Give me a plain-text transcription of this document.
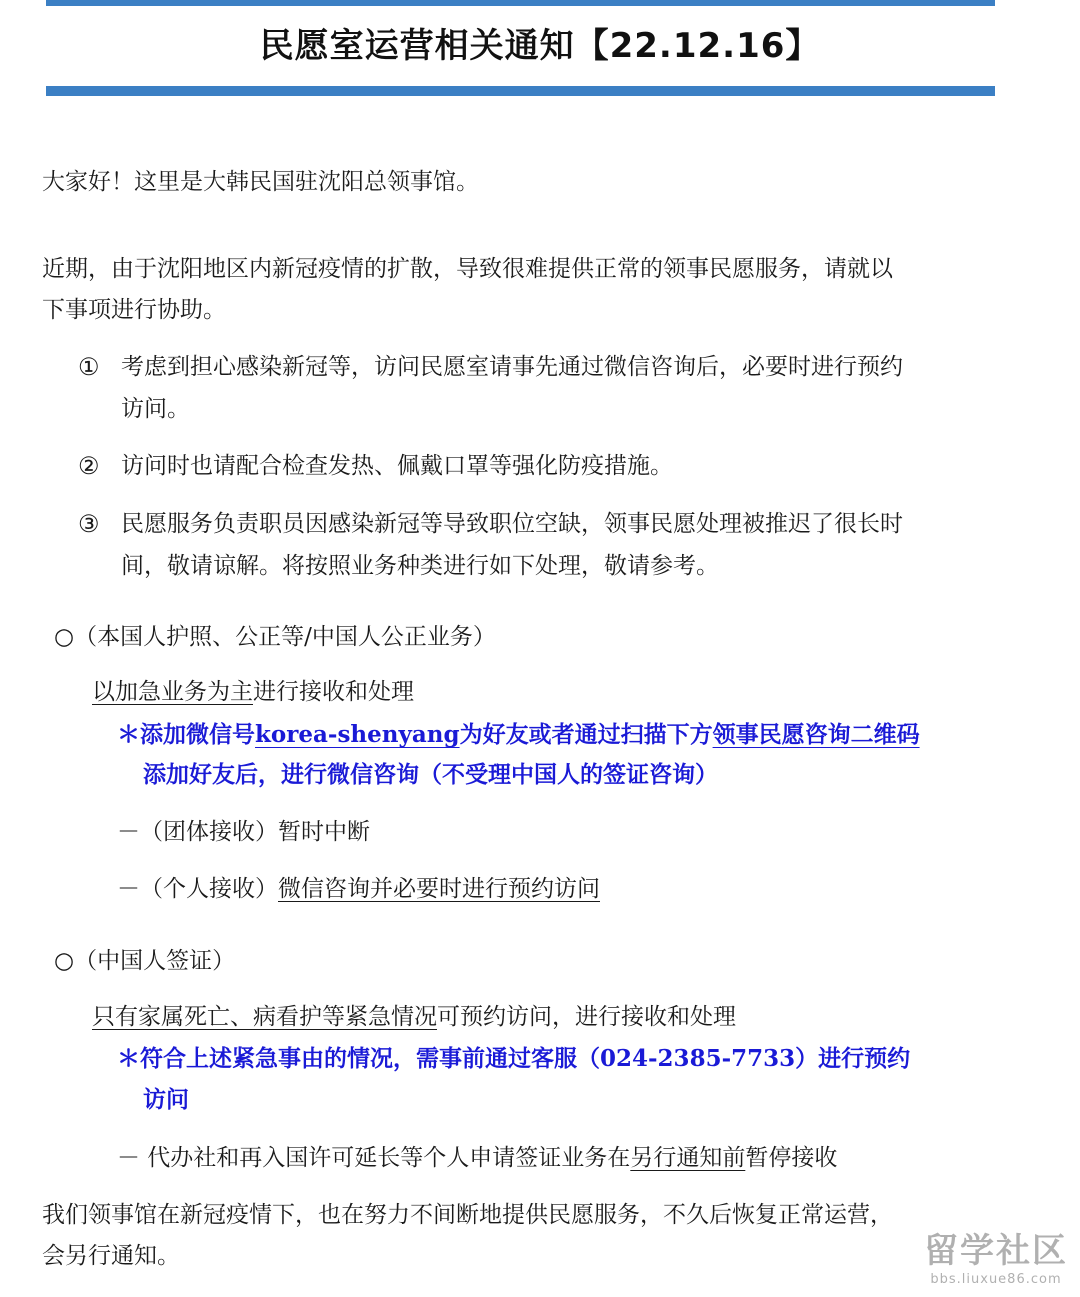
民愿室运营相关通知【22.12.16】
大家好！这里是大韩民国驻沈阳总领事馆。
近期，由于沈阳地区内新冠疫情的扩散，导致很难提供正常的领事民愿服务，请就以
下事项进行协助。
① 考虑到担心感染新冠等，访问民愿室请事先通过微信咨询后，必要时进行预约
访问。
② 访问时也请配合检查发热、佩戴口罩等强化防疫措施。
③ 民愿服务负责职员因感染新冠等导致职位空缺，领事民愿处理被推迟了很长时
间，敬请谅解。将按照业务种类进行如下处理，敬请参考。
○（本国人护照、公正等/中国人公正业务）
以加急业务为主进行接收和处理
＊添加微信号korea-shenyang为好友或者通过扫描下方领事民愿咨询二维码
添加好友后，进行微信咨询（不受理中国人的签证咨询）
－（团体接收）暂时中断
－（个人接收）微信咨询并必要时进行预约访问
○（中国人签证）
只有家属死亡、病看护等紧急情况可预约访问，进行接收和处理
＊符合上述紧急事由的情况，需事前通过客服（024-2385-7733）进行预约
访问
－ 代办社和再入国许可延长等个人申请签证业务在另行通知前暂停接收
我们领事馆在新冠疫情下，也在努力不间断地提供民愿服务，不久后恢复正常运营，
会另行通知。	留学社区
bbs.liuxue86.com
